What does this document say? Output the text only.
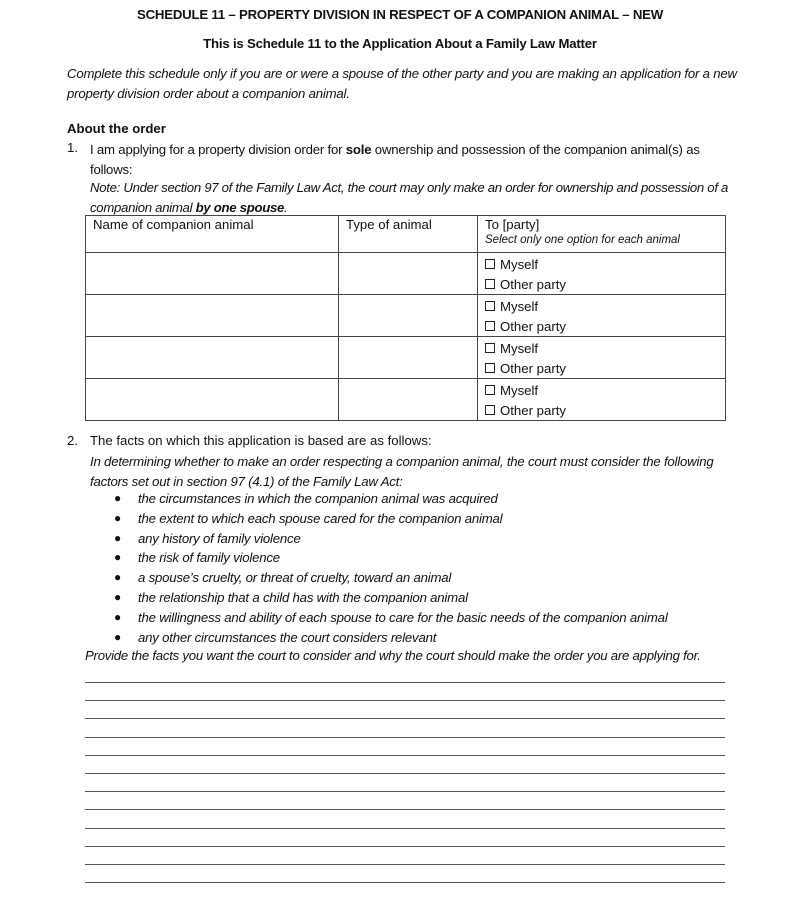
SCHEDULE 11 – PROPERTY DIVISION IN RESPECT OF A COMPANION ANIMAL – NEW
This is Schedule 11 to the Application About a Family Law Matter
Complete this schedule only if you are or were a spouse of the other party and you are making an application for a new property division order about a companion animal.
About the order
1. I am applying for a property division order for sole ownership and possession of the companion animal(s) as follows:
Note: Under section 97 of the Family Law Act, the court may only make an order for ownership and possession of a companion animal by one spouse.
Name of companion animal	Type of animal	To [party]
Select only one option for each animal

		Myself
Other party

		Myself
Other party

		Myself
Other party

		Myself
Other party
2. The facts on which this application is based are as follows:
In determining whether to make an order respecting a companion animal, the court must consider the following factors set out in section 97 (4.1) of the Family Law Act:
● the circumstances in which the companion animal was acquired
● the extent to which each spouse cared for the companion animal
● any history of family violence
● the risk of family violence
● a spouse’s cruelty, or threat of cruelty, toward an animal
● the relationship that a child has with the companion animal
● the willingness and ability of each spouse to care for the basic needs of the companion animal
● any other circumstances the court considers relevant
Provide the facts you want the court to consider and why the court should make the order you are applying for.
